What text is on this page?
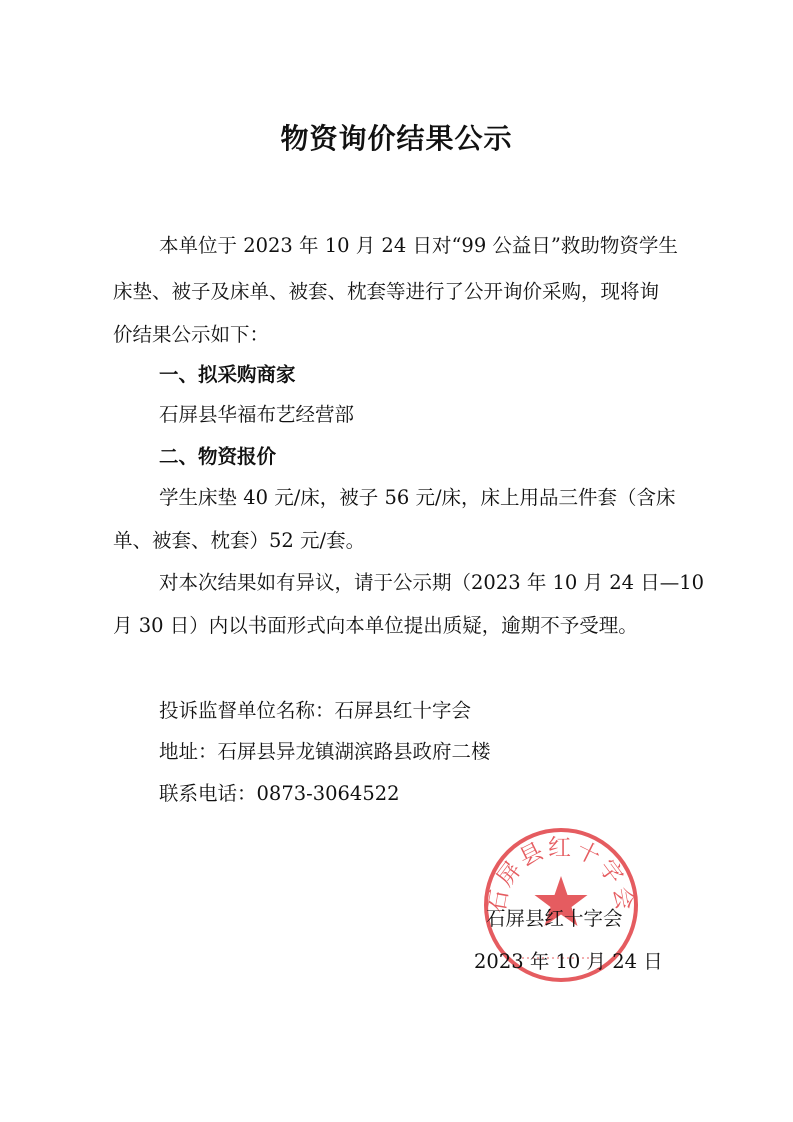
物资询价结果公示
本单位于 2023 年 10 月 24 日对“99 公益日”救助物资学生
床垫、被子及床单、被套、枕套等进行了公开询价采购，现将询
价结果公示如下：
一、拟采购商家
石屏县华福布艺经营部
二、物资报价
学生床垫 40 元/床，被子 56 元/床，床上用品三件套（含床
单、被套、枕套）52 元/套。
对本次结果如有异议，请于公示期（2023 年 10 月 24 日—10
月 30 日）内以书面形式向本单位提出质疑，逾期不予受理。
投诉监督单位名称：石屏县红十字会
地址：石屏县异龙镇湖滨路县政府二楼
联系电话：0873-3064522
石屏县红十字会
石屏县红十字会
2023 年 10 月 24 日
